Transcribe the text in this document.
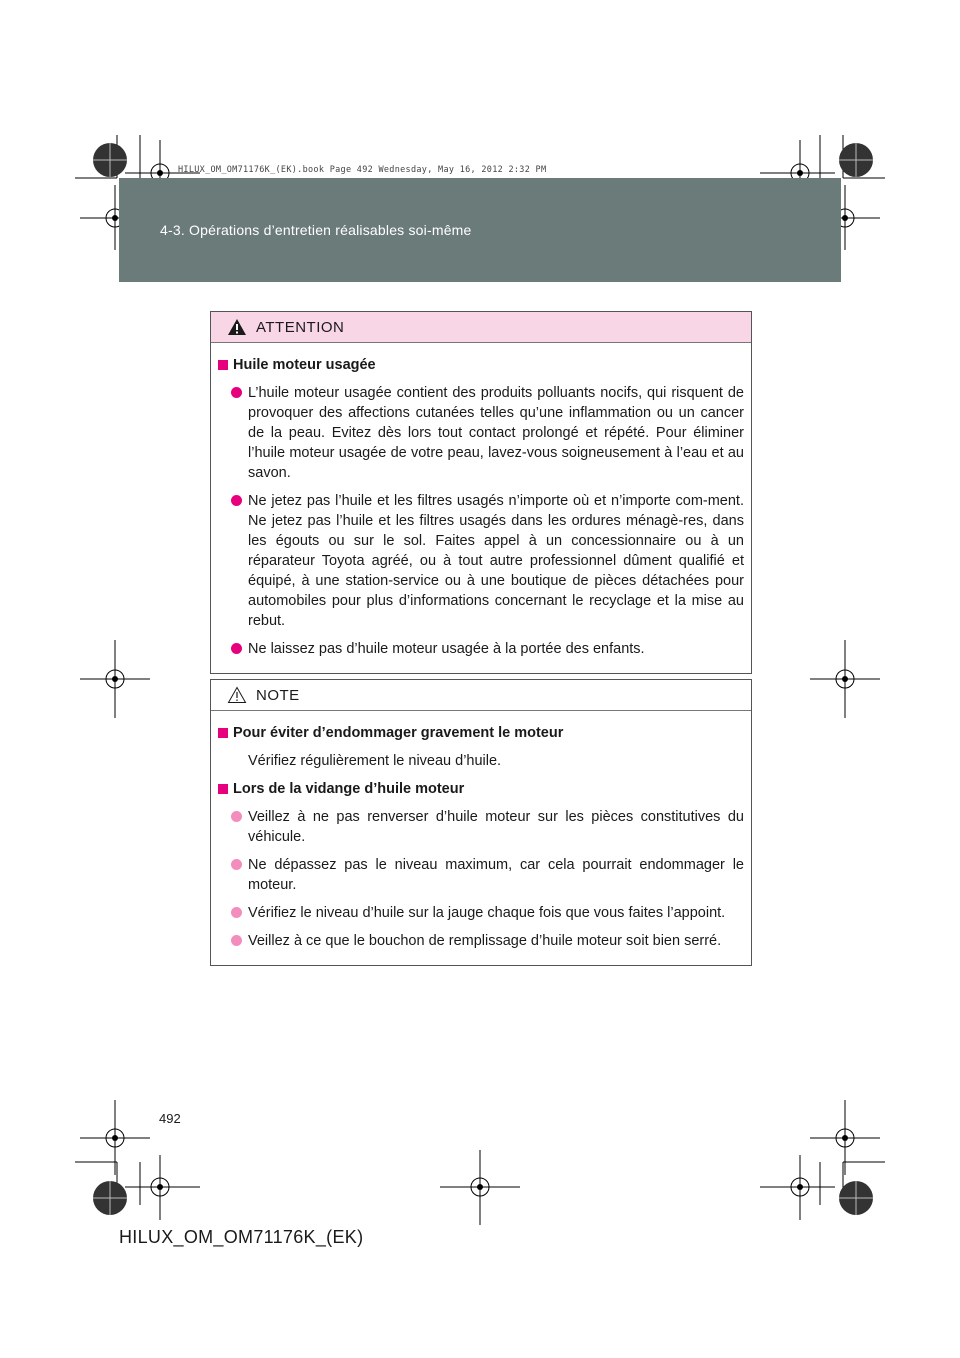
4-3. Opérations d’entretien réalisables soi-même
HILUX_OM_OM71176K_(EK).book Page 492 Wednesday, May 16, 2012 2:32 PM
ATTENTION
Huile moteur usagée
L’huile moteur usagée contient des produits polluants nocifs, qui risquent de provoquer des affections cutanées telles qu’une inflammation ou un cancer de la peau. Evitez dès lors tout contact prolongé et répété. Pour éliminer l’huile moteur usagée de votre peau, lavez-vous soigneusement à l’eau et au savon.
Ne jetez pas l’huile et les filtres usagés n’importe où et n’importe com-ment. Ne jetez pas l’huile et les filtres usagés dans les ordures ménagè-res, dans les égouts ou sur le sol. Faites appel à un concessionnaire ou à un réparateur Toyota agréé, ou à tout autre professionnel dûment qualifié et équipé, à une station-service ou à une boutique de pièces détachées pour automobiles pour plus d’informations concernant le recyclage et la mise au rebut.
Ne laissez pas d’huile moteur usagée à la portée des enfants.
NOTE
Pour éviter d’endommager gravement le moteur
Vérifiez régulièrement le niveau d’huile.
Lors de la vidange d’huile moteur
Veillez à ne pas renverser d’huile moteur sur les pièces constitutives du véhicule.
Ne dépassez pas le niveau maximum, car cela pourrait endommager le moteur.
Vérifiez le niveau d’huile sur la jauge chaque fois que vous faites l’appoint.
Veillez à ce que le bouchon de remplissage d’huile moteur soit bien serré.
492
HILUX_OM_OM71176K_(EK)
